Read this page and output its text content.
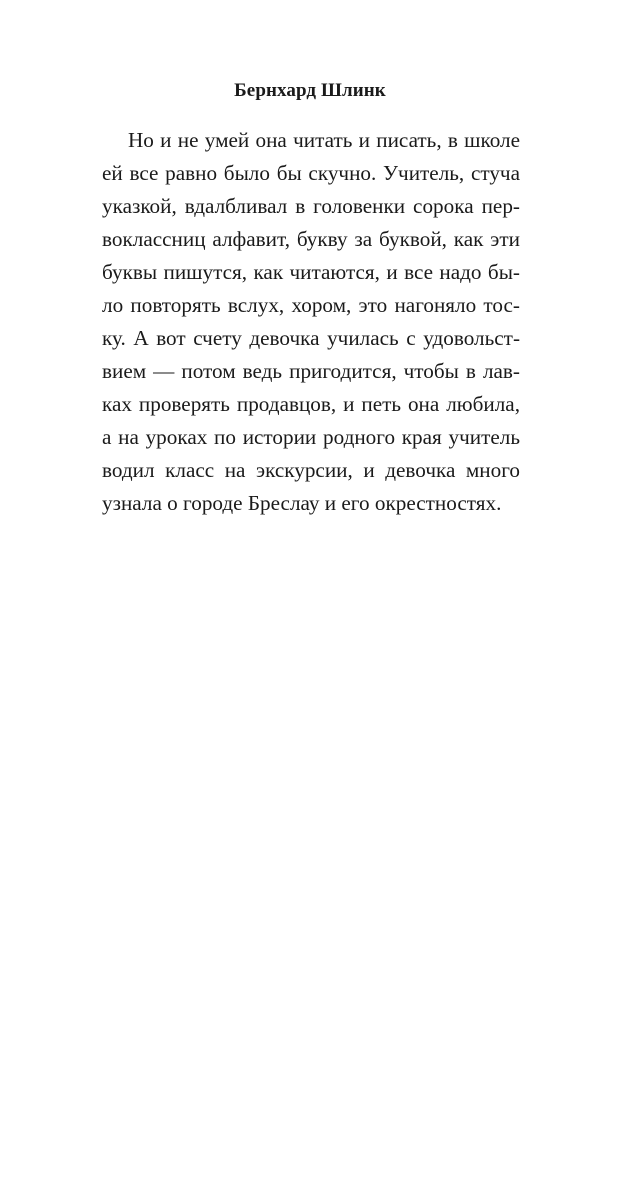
Бернхард Шлинк
Но и не умей она читать и писать, в школе
ей все равно было бы скучно. Учитель, стуча
указкой, вдалбливал в головенки сорока пер-
воклассниц алфавит, букву за буквой, как эти
буквы пишутся, как читаются, и все надо бы-
ло повторять вслух, хором, это нагоняло тос-
ку. А вот счету девочка училась с удовольст-
вием — потом ведь пригодится, чтобы в лав-
ках проверять продавцов, и петь она любила,
а на уроках по истории родного края учитель
водил класс на экскурсии, и девочка много
узнала о городе Бреслау и его окрестностях.
